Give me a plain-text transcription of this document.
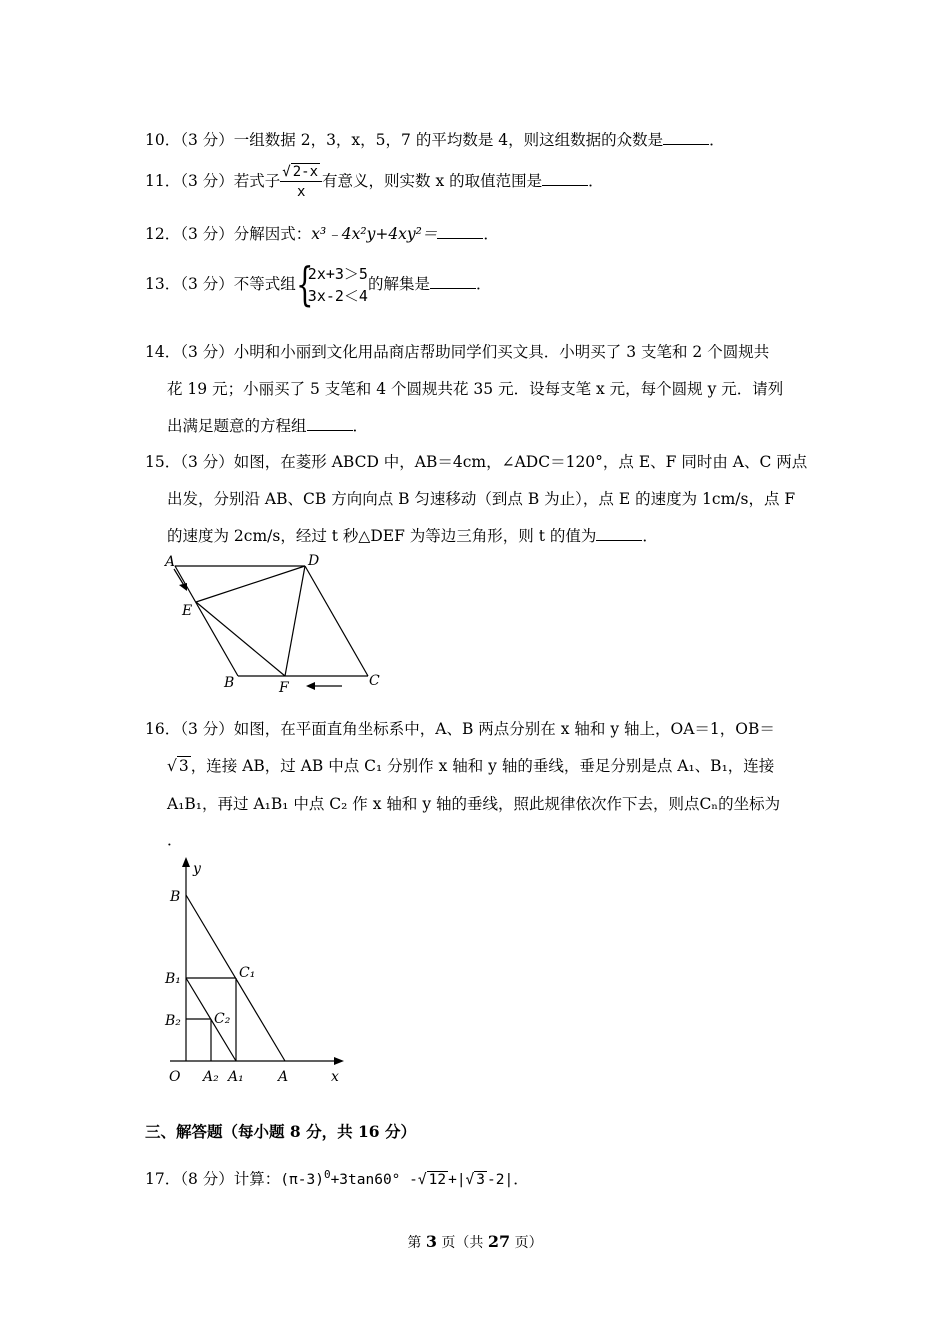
10．（3 分）一组数据 2，3，x，5，7 的平均数是 4，则这组数据的众数是	．
11．（3 分）若式子 $\frac{√ 2-x}{x}$ 有意义，则实数 x 的取值范围是	．
12．（3 分）分解因式：x³﹣4x²y+4xy²＝	．
13．（3 分）不等式组 {
2x+3＞5
3x-2＜4
的解集是	．
14．（3 分）小明和小丽到文化用品商店帮助同学们买文具．小明买了 3 支笔和 2 个圆规共
花 19 元；小丽买了 5 支笔和 4 个圆规共花 35 元．设每支笔 x 元，每个圆规 y 元．请列
出满足题意的方程组	．
15．（3 分）如图，在菱形 ABCD 中，AB＝4cm，∠ADC＝120°，点 E、F 同时由 A、C 两点
出发，分别沿 AB、CB 方向向点 B 匀速移动（到点 B 为止），点 E 的速度为 1cm/s，点 F
的速度为 2cm/s，经过 t 秒△DEF 为等边三角形，则 t 的值为	．
A	D
E
B	F	C
16．（3 分）如图，在平面直角坐标系中，A、B 两点分别在 x 轴和 y 轴上，OA＝1，OB＝
√ 3 ，连接 AB，过 AB 中点 C₁ 分别作 x 轴和 y 轴的垂线，垂足分别是点 A₁、B₁，连接
A₁B₁，再过 A₁B₁ 中点 C₂ 作 x 轴和 y 轴的垂线，照此规律依次作下去，则点Cₙ的坐标为
．
y
x
O
B
B₁
B₂
C₁
C₂
A₂ A₁ A
三、解答题（每小题 8 分，共 16 分）
17．（8 分）计算：$(\pi-3)^0+3\tan 60^\circ$ -√ 12 +|√ 3 -2|．
第 3 页（共 27 页）
